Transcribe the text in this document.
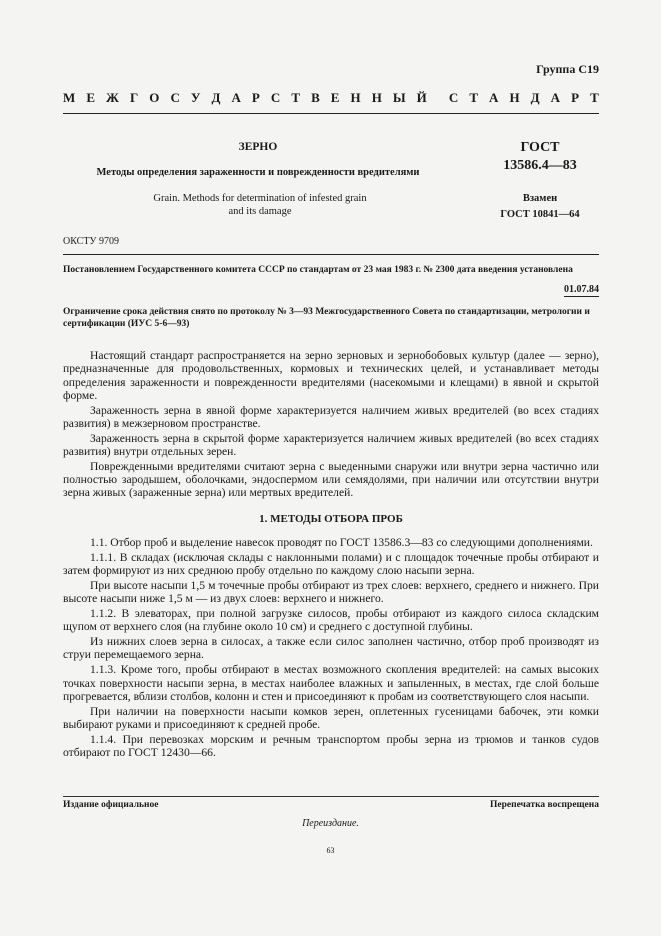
Группа С19
М Е Ж Г О С У Д А Р С Т В Е Н Н Ы Й С Т А Н Д А Р Т
ЗЕРНО
Методы определения зараженности и поврежденности вредителями
Grain. Methods for determination of infested grain
and its damage
ГОСТ
13586.4—83
Взамен
ГОСТ 10841—64
ОКСТУ 9709
Постановлением Государственного комитета СССР по стандартам от 23 мая 1983 г. № 2300 дата введения установлена
01.07.84
Ограничение срока действия снято по протоколу № 3—93 Межгосударственного Совета по стандартизации, метрологии и сертификации (ИУС 5-6—93)

Настоящий стандарт распространяется на зерно зерновых и зернобобовых культур (далее — зерно), предназначенные для продовольственных, кормовых и технических целей, и устанавливает методы определения зараженности и поврежденности вредителями (насекомыми и клещами) в явной и скрытой форме.

Зараженность зерна в явной форме характеризуется наличием живых вредителей (во всех стадиях развития) в межзерновом пространстве.

Зараженность зерна в скрытой форме характеризуется наличием живых вредителей (во всех стадиях развития) внутри отдельных зерен.

Поврежденными вредителями считают зерна с выеденными снаружи или внутри зерна частично или полностью зародышем, оболочками, эндоспермом или семядолями, при наличии или отсутствии внутри зерна живых (зараженные зерна) или мертвых вредителей.

1. МЕТОДЫ ОТБОРА ПРОБ

1.1. Отбор проб и выделение навесок проводят по ГОСТ 13586.3—83 со следующими дополнениями.

1.1.1. В складах (исключая склады с наклонными полами) и с площадок точечные пробы отбирают и затем формируют из них среднюю пробу отдельно по каждому слою насыпи зерна.

При высоте насыпи 1,5 м точечные пробы отбирают из трех слоев: верхнего, среднего и нижнего. При высоте насыпи ниже 1,5 м — из двух слоев: верхнего и нижнего.

1.1.2. В элеваторах, при полной загрузке силосов, пробы отбирают из каждого силоса складским щупом от верхнего слоя (на глубине около 10 см) и среднего с доступной глубины.

Из нижних слоев зерна в силосах, а также если силос заполнен частично, отбор проб производят из струи перемещаемого зерна.

1.1.3. Кроме того, пробы отбирают в местах возможного скопления вредителей: на самых высоких точках поверхности насыпи зерна, в местах наиболее влажных и запыленных, в местах, где слой больше прогревается, вблизи столбов, колонн и стен и присоединяют к пробам из соответствующего слоя насыпи.

При наличии на поверхности насыпи комков зерен, оплетенных гусеницами бабочек, эти комки выбирают руками и присоединяют к средней пробе.

1.1.4. При перевозках морским и речным транспортом пробы зерна из трюмов и танков судов отбирают по ГОСТ 12430—66.

Издание официальное	Перепечатка воспрещена
Переиздание.
63
